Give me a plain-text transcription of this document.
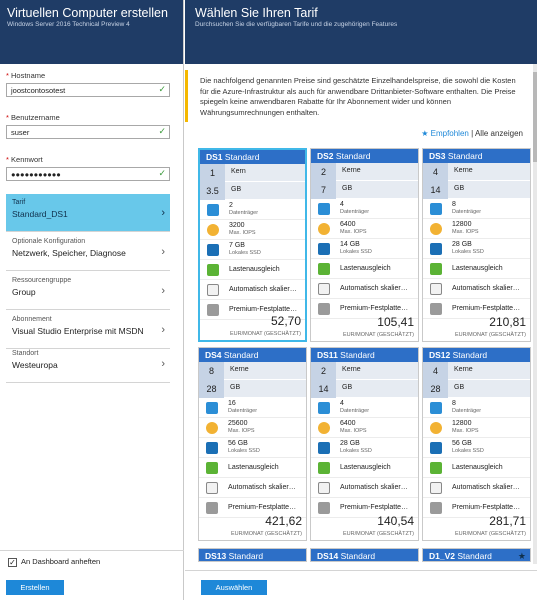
Virtuellen Computer erstellen
Windows Server 2016 Technical Preview 4
* Hostname
joostcontosotest	✓
* Benutzername
suser	✓
* Kennwort
●●●●●●●●●●●	✓
Tarif
Standard_DS1	›
Optionale Konfiguration
Netzwerk, Speicher, Diagnose	›
Ressourcengruppe
Group	›
Abonnement
Visual Studio Enterprise mit MSDN	›
Standort
Westeuropa	›
✓ An Dashboard anheften
Erstellen
Wählen Sie Ihren Tarif
Durchsuchen Sie die verfügbaren Tarife und die zugehörigen Features
Die nachfolgend genannten Preise sind geschätzte Einzelhandelspreise, die sowohl die Kosten für die Azure-Infrastruktur als auch für anwendbare Drittanbieter-Software enthalten. Die Preise spiegeln keine anwendbaren Rabatte für Ihr Abonnement wider und können Währungsumrechnungen enthalten.
★ Empfohlen | Alle anzeigen
DS1 Standard
1	Kern
3.5	GB
2
Datenträger
3200
Max. IOPS
7 GB
Lokales SSD
Lastenausgleich
Automatisch skalier…
Premium-Festplatte…
52,70
EUR/MONAT (GESCHÄTZT)
DS2 Standard
2	Kerne
7	GB
4
Datenträger
6400
Max. IOPS
14 GB
Lokales SSD
Lastenausgleich
Automatisch skalier…
Premium-Festplatte…
105,41
EUR/MONAT (GESCHÄTZT)
DS3 Standard
4	Kerne
14	GB
8
Datenträger
12800
Max. IOPS
28 GB
Lokales SSD
Lastenausgleich
Automatisch skalier…
Premium-Festplatte…
210,81
EUR/MONAT (GESCHÄTZT)
DS4 Standard
8	Kerne
28	GB
16
Datenträger
25600
Max. IOPS
56 GB
Lokales SSD
Lastenausgleich
Automatisch skalier…
Premium-Festplatte…
421,62
EUR/MONAT (GESCHÄTZT)
DS11 Standard
2	Kerne
14	GB
4
Datenträger
6400
Max. IOPS
28 GB
Lokales SSD
Lastenausgleich
Automatisch skalier…
Premium-Festplatte…
140,54
EUR/MONAT (GESCHÄTZT)
DS12 Standard
4	Kerne
28	GB
8
Datenträger
12800
Max. IOPS
56 GB
Lokales SSD
Lastenausgleich
Automatisch skalier…
Premium-Festplatte…
281,71
EUR/MONAT (GESCHÄTZT)
DS13 Standard	DS14 Standard	D1_V2 Standard	★
Auswählen
